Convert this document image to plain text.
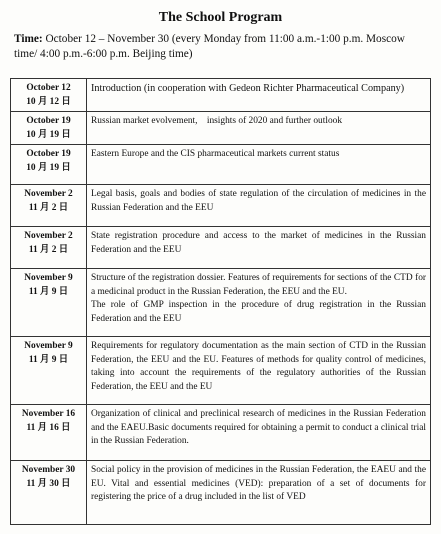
The School Program
Time: October 12 – November 30 (every Monday from 11:00 a.m.-1:00 p.m. Moscow time/ 4:00 p.m.-6:00 p.m. Beijing time)
October 12
10 月 12 日	Introduction (in cooperation with Gedeon Richter Pharmaceutical Company)

October 19
10 月 19 日	Russian market evolvement,    insights of 2020 and further outlook

October 19
10 月 19 日	Eastern Europe and the CIS pharmaceutical markets current status

November 2
11 月 2 日	Legal basis, goals and bodies of state regulation of the circulation of medicines in the Russian Federation and the EEU

November 2
11 月 2 日	State registration procedure and access to the market of medicines in the Russian Federation and the EEU

November 9
11 月 9 日	Structure of the registration dossier. Features of requirements for sections of the CTD for a medicinal product in the Russian Federation, the EEU and the EU.
The role of GMP inspection in the procedure of drug registration in the Russian Federation and the EEU

November 9
11 月 9 日	Requirements for regulatory documentation as the main section of CTD in the Russian Federation, the EEU and the EU. Features of methods for quality control of medicines, taking into account the requirements of the regulatory authorities of the Russian Federation, the EEU and the EU

November 16
11 月 16 日	Organization of clinical and preclinical research of medicines in the Russian Federation and the EAEU.Basic documents required for obtaining a permit to conduct a clinical trial in the Russian Federation.

November 30
11 月 30 日	Social policy in the provision of medicines in the Russian Federation, the EAEU and the EU. Vital and essential medicines (VED): preparation of a set of documents for registering the price of a drug included in the list of VED
